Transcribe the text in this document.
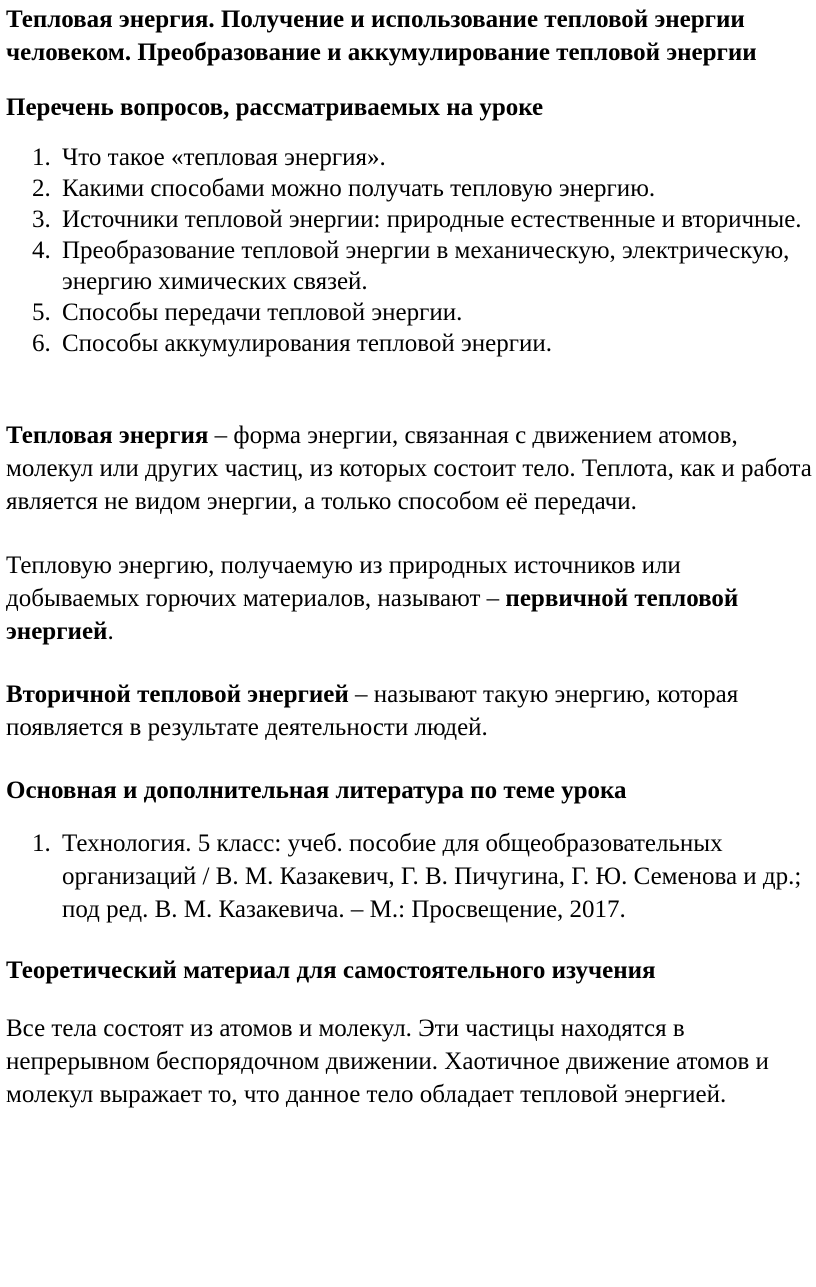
Тепловая энергия. Получение и использование тепловой энергии человеком. Преобразование и аккумулирование тепловой энергии
Перечень вопросов, рассматриваемых на уроке
1. Что такое «тепловая энергия».
2. Какими способами можно получать тепловую энергию.
3. Источники тепловой энергии: природные естественные и вторичные.
4. Преобразование тепловой энергии в механическую, электрическую, энергию химических связей.
5. Способы передачи тепловой энергии.
6. Способы аккумулирования тепловой энергии.

Тепловая энергия – форма энергии, связанная с движением атомов, молекул или других частиц, из которых состоит тело. Теплота, как и работа является не видом энергии, а только способом её передачи.

Тепловую энергию, получаемую из природных источников или добываемых горючих материалов, называют – первичной тепловой энергией.

Вторичной тепловой энергией – называют такую энергию, которая появляется в результате деятельности людей.

Основная и дополнительная литература по теме урока
1. Технология. 5 класс: учеб. пособие для общеобразовательных организаций / В. М. Казакевич, Г. В. Пичугина, Г. Ю. Семенова и др.; под ред. В. М. Казакевича. – М.: Просвещение, 2017.
Теоретический материал для самостоятельного изучения

Все тела состоят из атомов и молекул. Эти частицы находятся в непрерывном беспорядочном движении. Хаотичное движение атомов и молекул выражает то, что данное тело обладает тепловой энергией.
